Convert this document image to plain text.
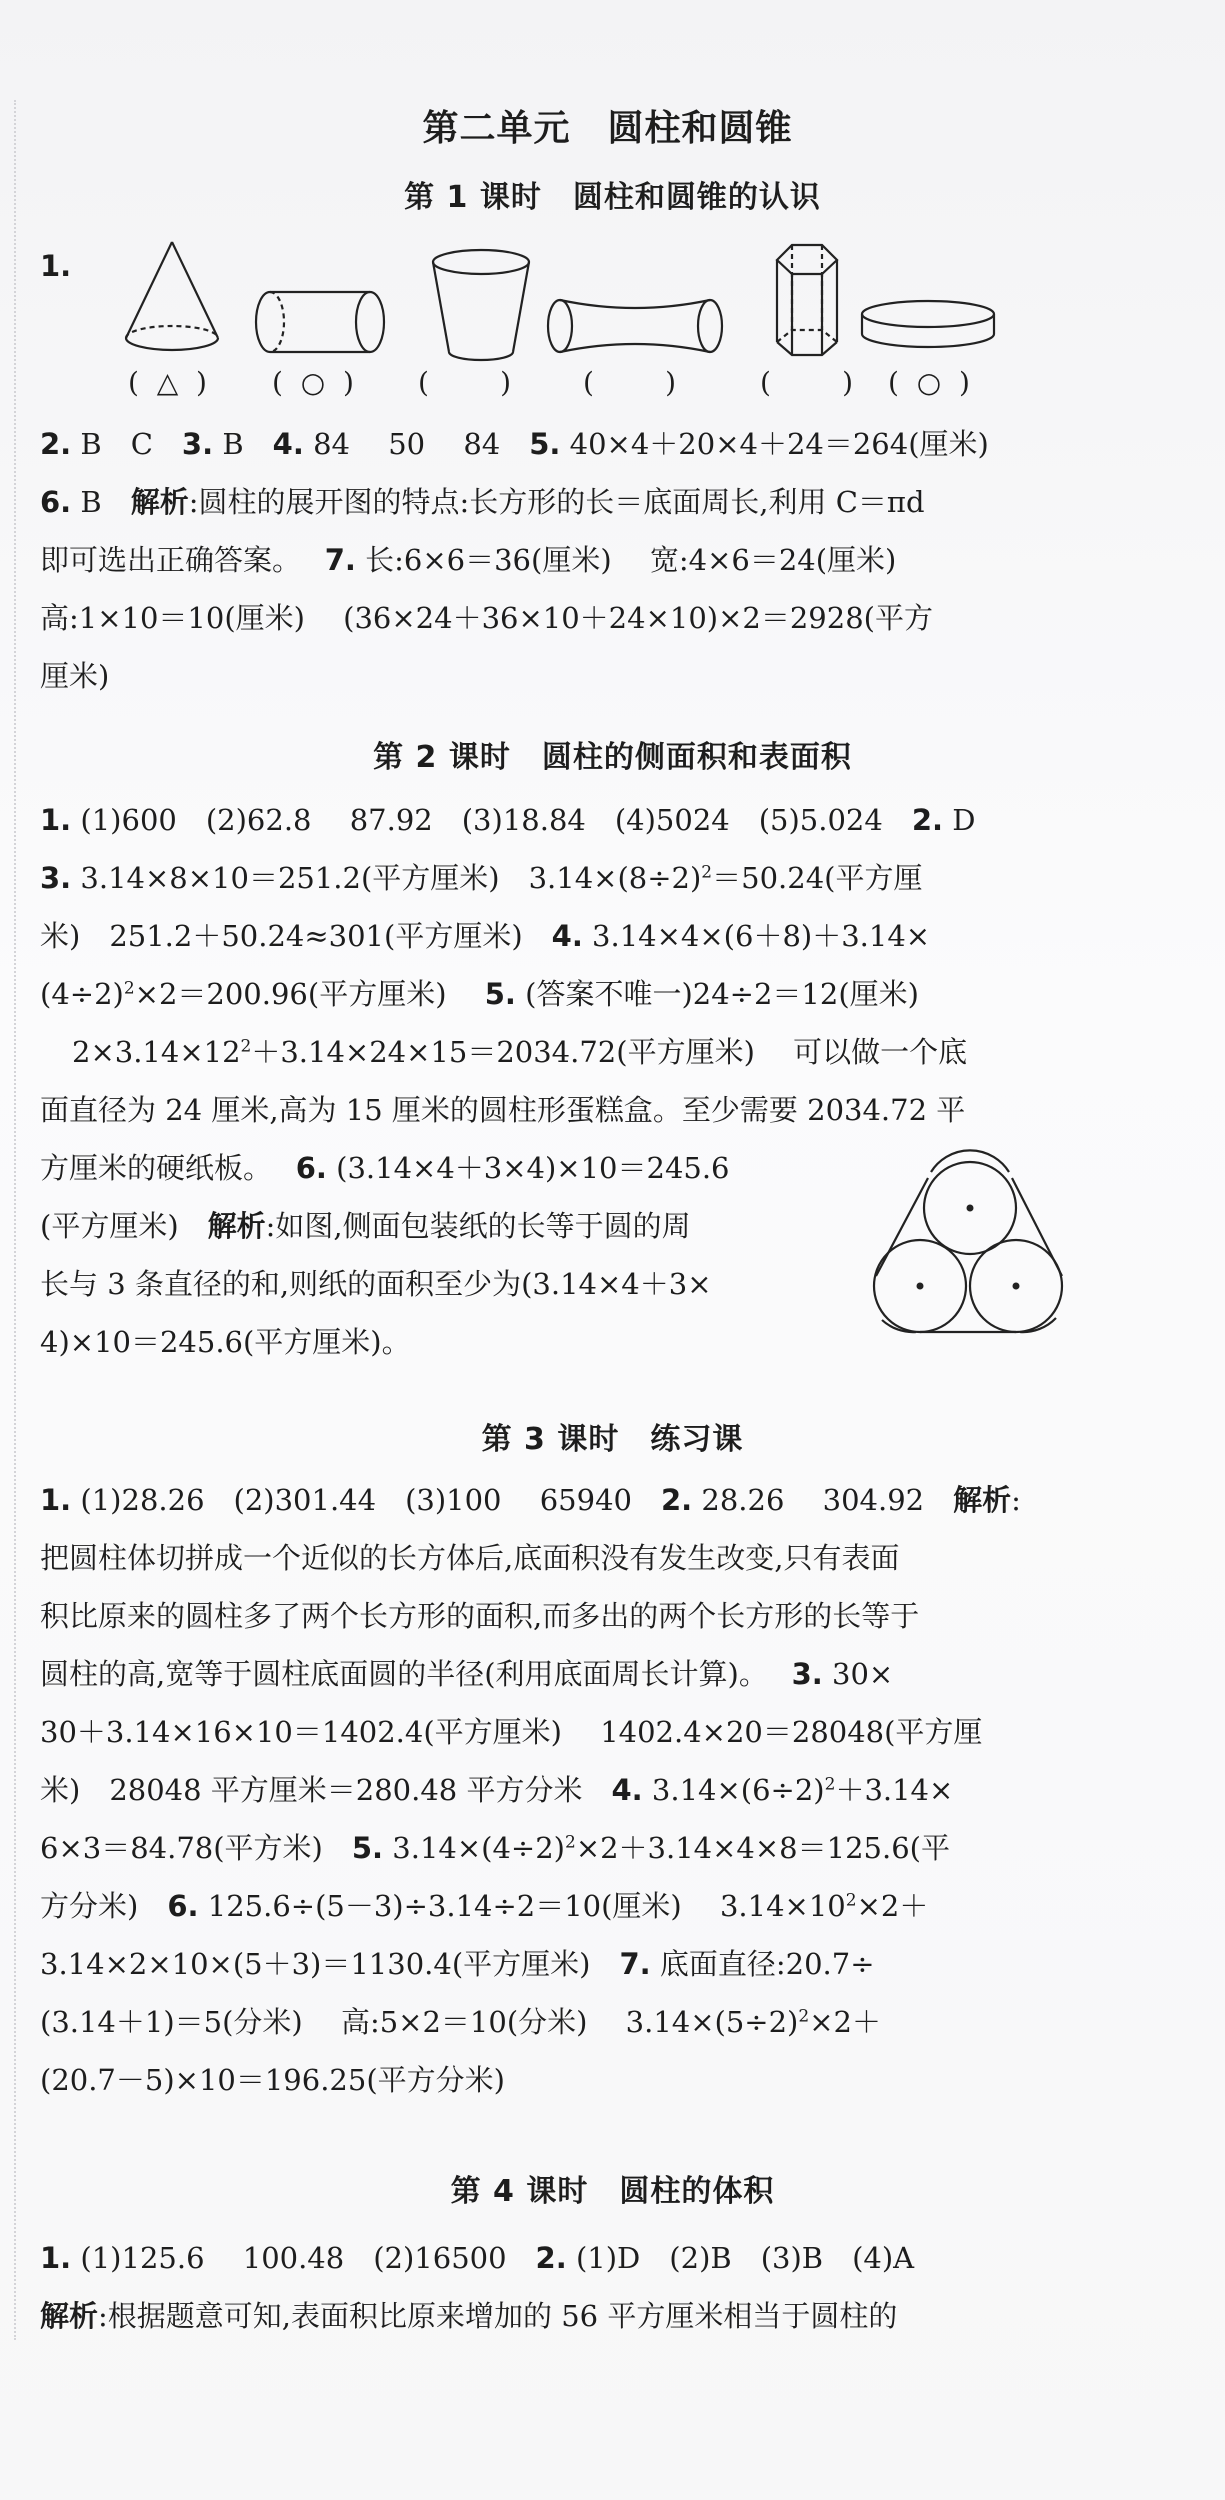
第二单元　圆柱和圆锥
第 1 课时　圆柱和圆锥的认识
1.
(  △  ) (  ○  ) (        )	(        )	(        ) (  ○  )
2. B　C　3. B　4. 84　 50　 84　5. 40×4＋20×4＋24＝264(厘米)
6. B　解析:圆柱的展开图的特点:长方形的长＝底面周长,利用 C＝πd
即可选出正确答案。　 7. 长:6×6＝36(厘米)　 宽:4×6＝24(厘米)
高:1×10＝10(厘米)　 (36×24＋36×10＋24×10)×2＝2928(平方
厘米)
第 2 课时　圆柱的侧面积和表面积
1. (1)600　(2)62.8　 87.92　(3)18.84　(4)5024　(5)5.024　2. D
3. 3.14×8×10＝251.2(平方厘米)　$3.14\times(8\div 2)^2=50.24$(平方厘
米)　251.2＋50.24≈301(平方厘米)　4. 3.14×4×(6＋8)＋3.14×
$(4\div 2)^2\times 2=200.96$(平方厘米)　 5. (答案不唯一)24÷2＝12(厘米)
$2\times 3.14\times 12^2+3.14\times 24\times 15=2034.72$(平方厘米)　 可以做一个底
面直径为 24 厘米,高为 15 厘米的圆柱形蛋糕盒。至少需要 2034.72 平
方厘米的硬纸板。　 6. (3.14×4＋3×4)×10＝245.6
(平方厘米)　解析:如图,侧面包装纸的长等于圆的周
长与 3 条直径的和,则纸的面积至少为(3.14×4＋3×
4)×10＝245.6(平方厘米)。
第 3 课时　练习课
1. (1)28.26　(2)301.44　(3)100　 65940　2. 28.26　 304.92　解析:
把圆柱体切拼成一个近似的长方体后,底面积没有发生改变,只有表面
积比原来的圆柱多了两个长方形的面积,而多出的两个长方形的长等于
圆柱的高,宽等于圆柱底面圆的半径(利用底面周长计算)。　 3. 30×
30＋3.14×16×10＝1402.4(平方厘米)　 1402.4×20＝28048(平方厘
米)　28048 平方厘米＝280.48 平方分米　4. $3.14\times(6\div 2)^2+3.14\times$
6×3＝84.78(平方米)　5. $3.14\times(4\div 2)^2\times 2+3.14\times 4\times 8=125.6$(平
方分米)　6. 125.6÷(5－3)÷3.14÷2＝10(厘米)　 $3.14\times 10^2\times 2+$
3.14×2×10×(5＋3)＝1130.4(平方厘米)　7. 底面直径:20.7÷
(3.14＋1)＝5(分米)　 高:5×2＝10(分米)　 $3.14\times(5\div 2)^2\times 2+$
(20.7－5)×10＝196.25(平方分米)
第 4 课时　圆柱的体积
1. (1)125.6　 100.48　(2)16500　2. (1)D　(2)B　(3)B　(4)A
解析:根据题意可知,表面积比原来增加的 56 平方厘米相当于圆柱的
